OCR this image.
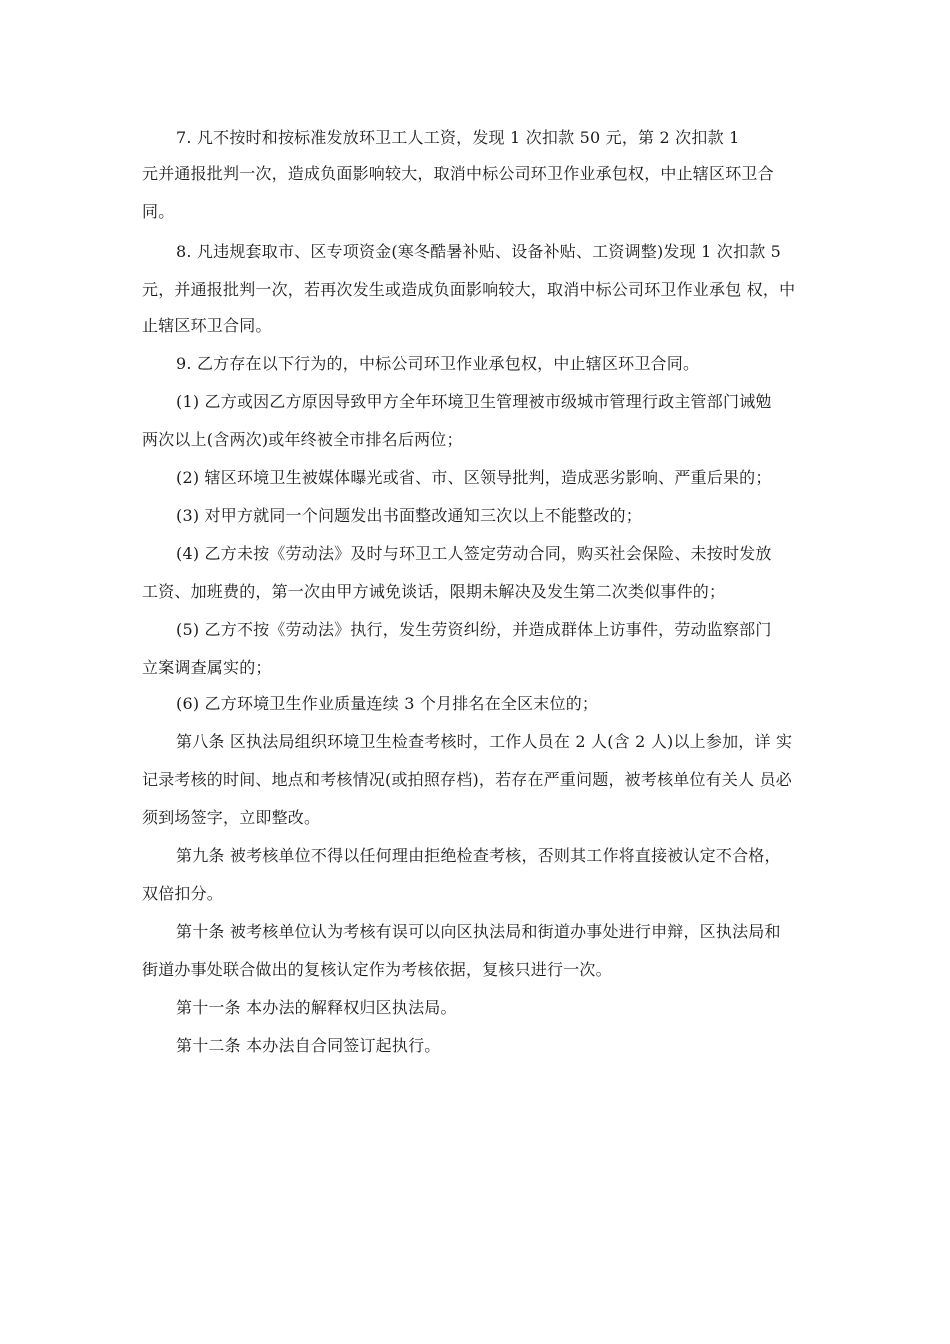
7. 凡不按时和按标准发放环卫工人工资，发现 1 次扣款 50 元，第 2 次扣款 1
元并通报批判一次，造成负面影响较大，取消中标公司环卫作业承包权，中止辖区环卫合
同。
8. 凡违规套取市、区专项资金(寒冬酷暑补贴、设备补贴、工资调整)发现 1 次扣款 5
元，并通报批判一次，若再次发生或造成负面影响较大，取消中标公司环卫作业承包 权，中
止辖区环卫合同。
9. 乙方存在以下行为的，中标公司环卫作业承包权，中止辖区环卫合同。
(1) 乙方或因乙方原因导致甲方全年环境卫生管理被市级城市管理行政主管部门诫勉
两次以上(含两次)或年终被全市排名后两位；
(2) 辖区环境卫生被媒体曝光或省、市、区领导批判，造成恶劣影响、严重后果的；
(3) 对甲方就同一个问题发出书面整改通知三次以上不能整改的；
(4) 乙方未按《劳动法》及时与环卫工人签定劳动合同，购买社会保险、未按时发放
工资、加班费的，第一次由甲方诫免谈话，限期未解决及发生第二次类似事件的；
(5) 乙方不按《劳动法》执行，发生劳资纠纷，并造成群体上访事件，劳动监察部门
立案调查属实的；
(6) 乙方环境卫生作业质量连续 3 个月排名在全区末位的；
第八条 区执法局组织环境卫生检查考核时，工作人员在 2 人(含 2 人)以上参加，详 实
记录考核的时间、地点和考核情况(或拍照存档)，若存在严重问题，被考核单位有关人 员必
须到场签字，立即整改。
第九条 被考核单位不得以任何理由拒绝检查考核，否则其工作将直接被认定不合格，
双倍扣分。
第十条 被考核单位认为考核有误可以向区执法局和街道办事处进行申辩，区执法局和
街道办事处联合做出的复核认定作为考核依据，复核只进行一次。
第十一条 本办法的解释权归区执法局。
第十二条 本办法自合同签订起执行。
